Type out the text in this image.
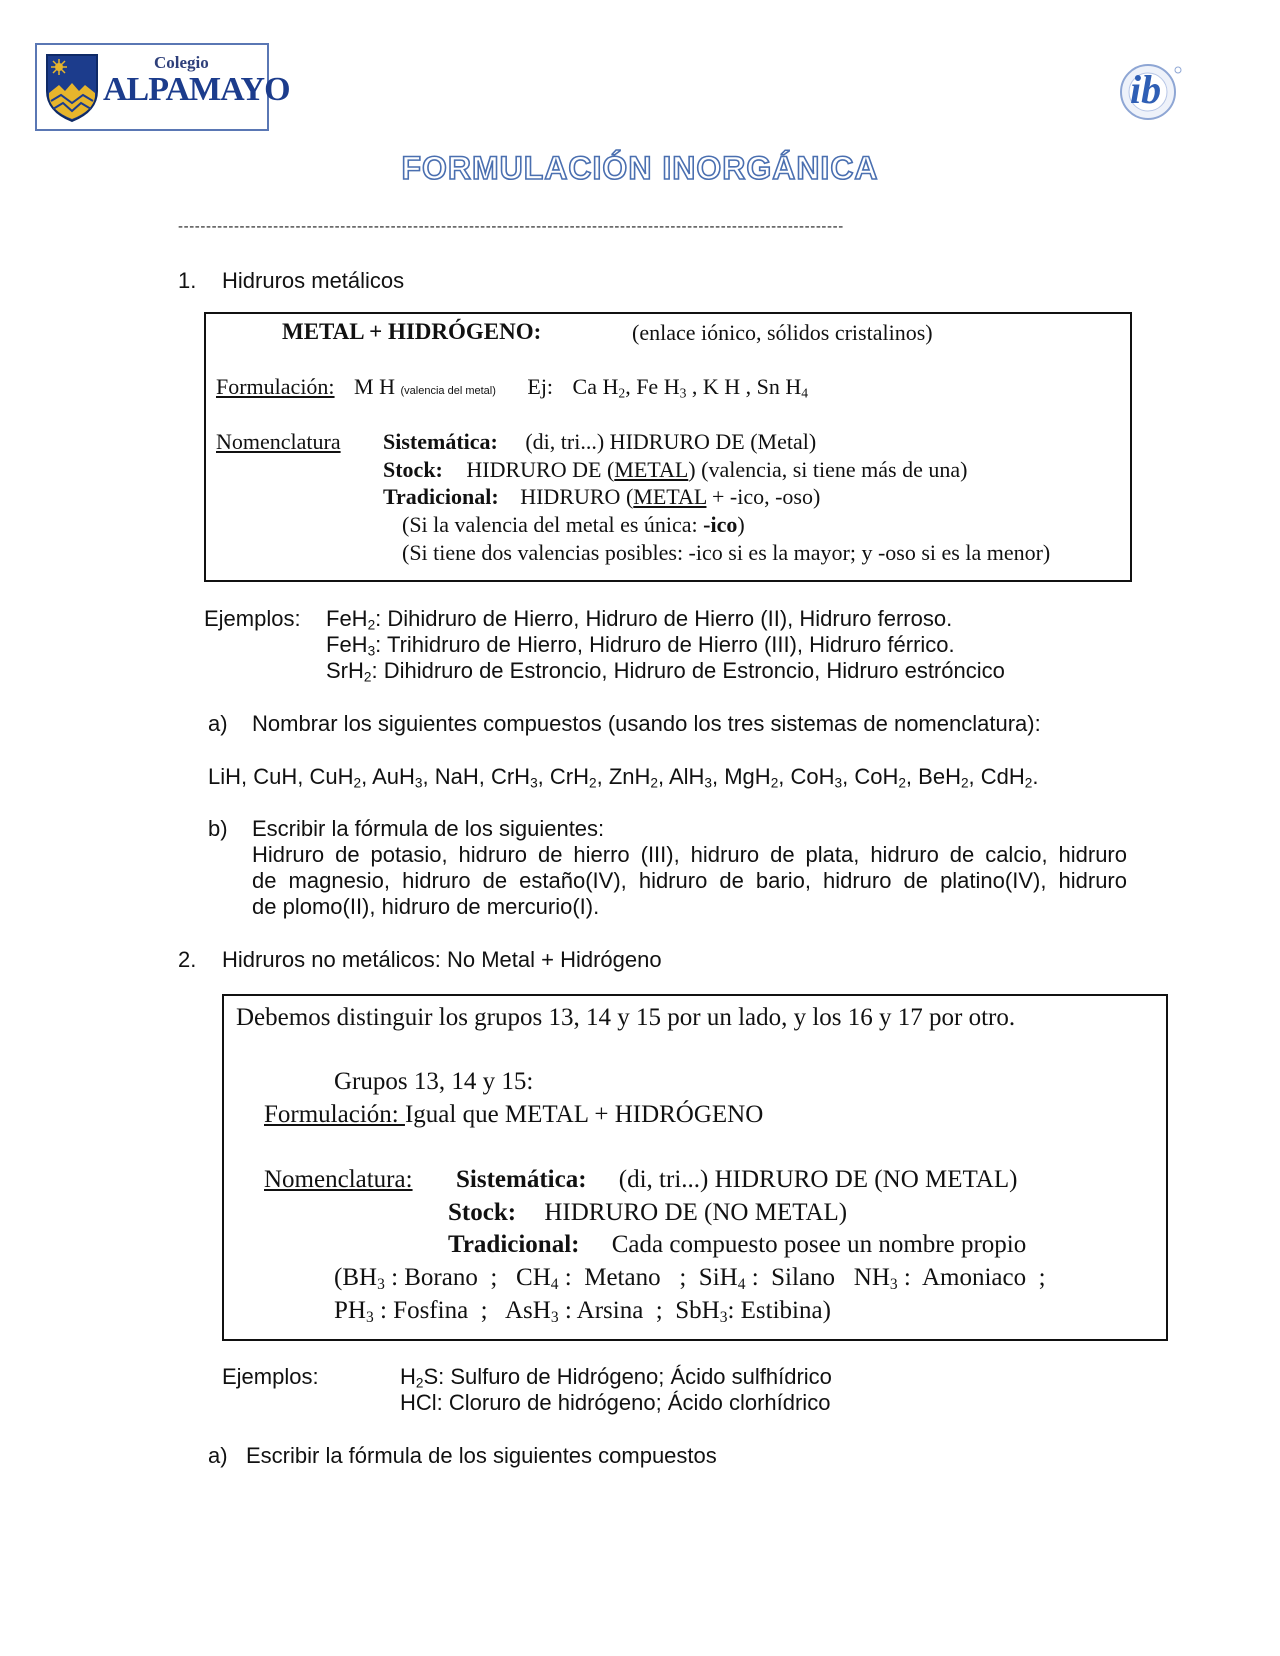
Colegio
ALPAMAYO	ib
FORMULACIÓN INORGÁNICA
-----------------------------------------------------------------------------------------------------------------------
1. Hidruros metálicos
METAL + HIDRÓGENO:	(enlace iónico, sólidos cristalinos)
Formulación: M H (valencia del metal) Ej: Ca $H_2$, Fe $H_3$ , K H , Sn $H_4$
Nomenclatura Sistemática: (di, tri...) HIDRURO DE (Metal)
Stock: HIDRURO DE (METAL) (valencia, si tiene más de una)
Tradicional: HIDRURO (METAL + -ico, -oso)
(Si la valencia del metal es única: -ico)
(Si tiene dos valencias posibles: -ico si es la mayor; y -oso si es la menor)
Ejemplos: FeH$_2$: Dihidruro de Hierro, Hidruro de Hierro (II), Hidruro ferroso.
FeH$_3$: Trihidruro de Hierro, Hidruro de Hierro (III), Hidruro férrico.
SrH$_2$: Dihidruro de Estroncio, Hidruro de Estroncio, Hidruro estróncico
a) Nombrar los siguientes compuestos (usando los tres sistemas de nomenclatura):
LiH, CuH, CuH$_2$, AuH$_3$, NaH, CrH$_3$, CrH$_2$, ZnH$_2$, AlH$_3$, MgH$_2$, CoH$_3$, CoH$_2$, BeH$_2$, CdH$_2$.
b) Escribir la fórmula de los siguientes:
Hidruro de potasio, hidruro de hierro (III), hidruro de plata, hidruro de calcio, hidruro
de magnesio, hidruro de estaño(IV), hidruro de bario, hidruro de platino(IV), hidruro
de plomo(II), hidruro de mercurio(I).
2. Hidruros no metálicos: No Metal + Hidrógeno
Debemos distinguir los grupos 13, 14 y 15 por un lado, y los 16 y 17 por otro.
Grupos 13, 14 y 15:
Formulación: Igual que METAL + HIDRÓGENO
Nomenclatura: Sistemática: (di, tri...) HIDRURO DE (NO METAL)
Stock: HIDRURO DE (NO METAL)
Tradicional: Cada compuesto posee un nombre propio
($BH_3$ : Borano  ;   $CH_4$ :  Metano   ;  SiH$_4$ :  Silano   $NH_3$ :  Amoniaco  ;
$PH_3$ : Fosfina  ;   AsH$_3$ : Arsina  ;  SbH$_3$: Estibina)
Ejemplos:	$H_2S$: Sulfuro de Hidrógeno; Ácido sulfhídrico
HCl: Cloruro de hidrógeno; Ácido clorhídrico
a) Escribir la fórmula de los siguientes compuestos
